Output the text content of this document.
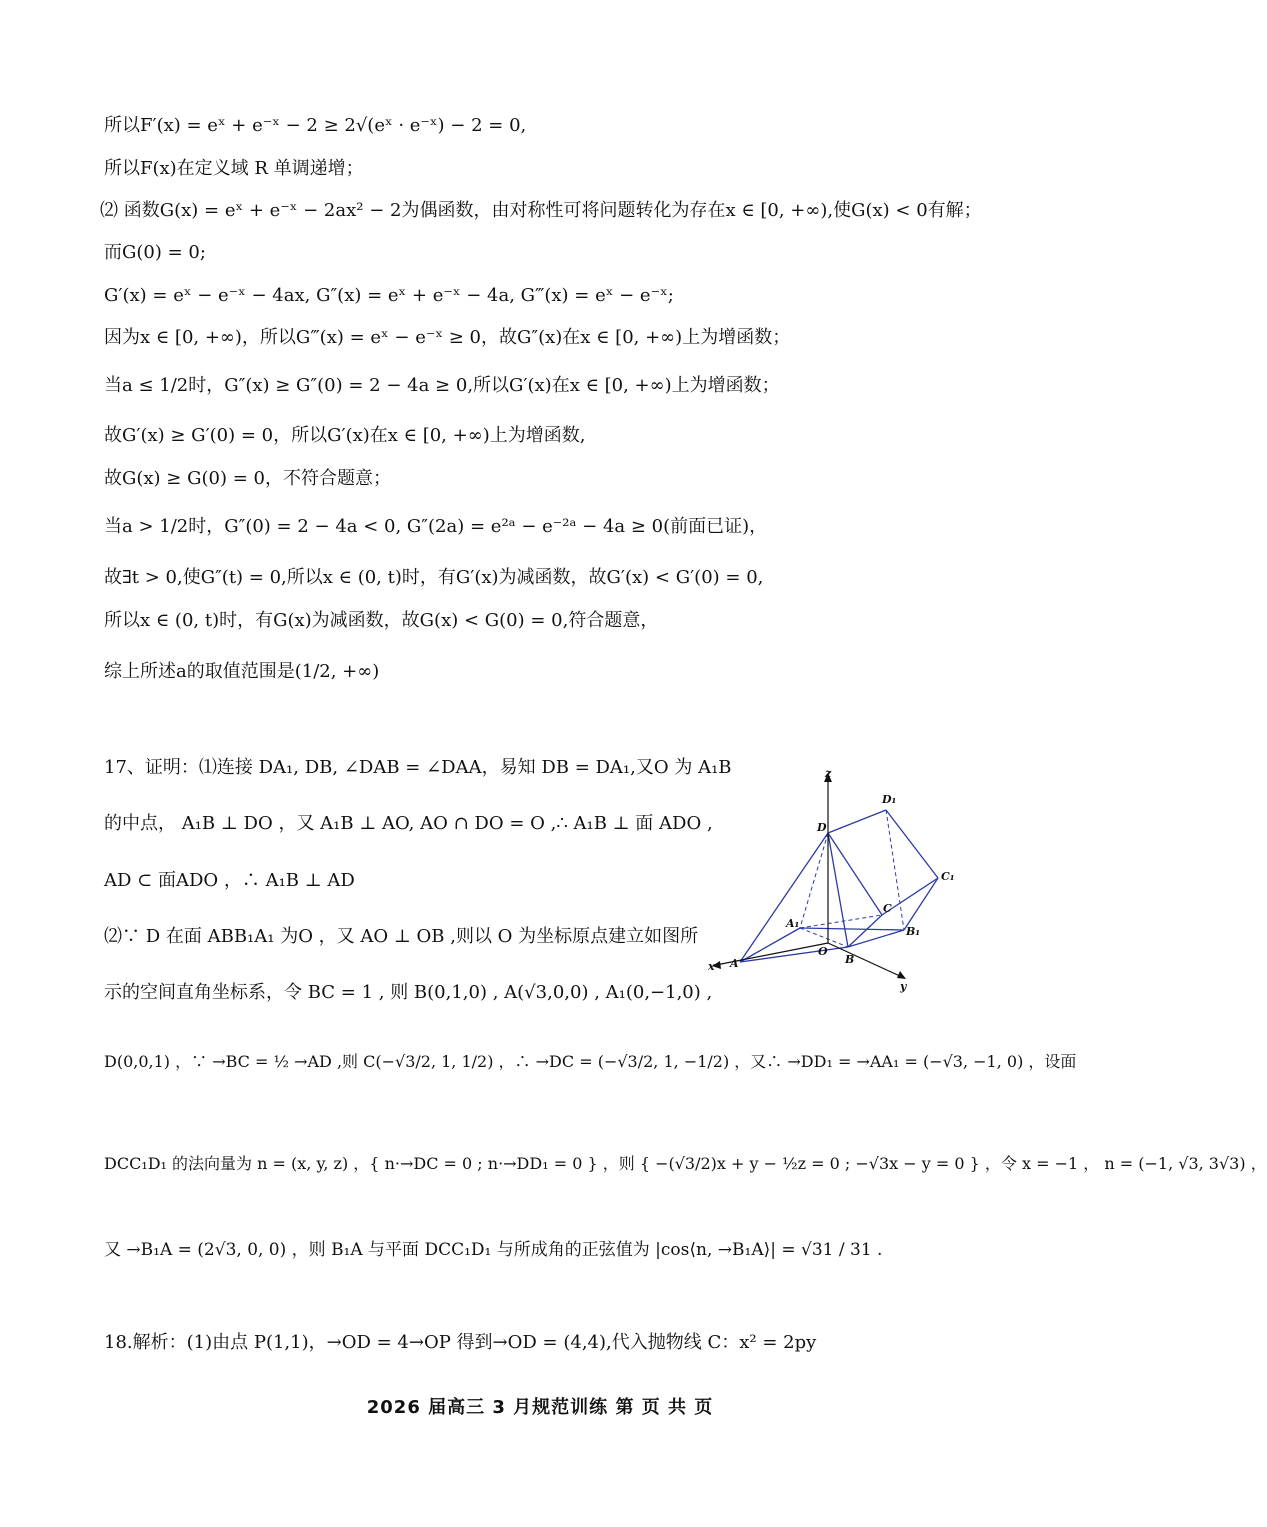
所以F′(x) = eˣ + e⁻ˣ − 2 ≥ 2√(eˣ · e⁻ˣ) − 2 = 0,
所以F(x)在定义域 R 单调递增；
⑵ 函数G(x) = eˣ + e⁻ˣ − 2ax² − 2为偶函数，由对称性可将问题转化为存在x ∈ [0, +∞),使G(x) < 0有解；
而G(0) = 0;
G′(x) = eˣ − e⁻ˣ − 4ax, G″(x) = eˣ + e⁻ˣ − 4a, G‴(x) = eˣ − e⁻ˣ;
因为x ∈ [0, +∞)，所以G‴(x) = eˣ − e⁻ˣ ≥ 0，故G″(x)在x ∈ [0, +∞)上为增函数；
当a ≤ 1/2时，G″(x) ≥ G″(0) = 2 − 4a ≥ 0,所以G′(x)在x ∈ [0, +∞)上为增函数；
故G′(x) ≥ G′(0) = 0，所以G′(x)在x ∈ [0, +∞)上为增函数,
故G(x) ≥ G(0) = 0，不符合题意；
当a > 1/2时，G″(0) = 2 − 4a < 0, G″(2a) = e²ᵃ − e⁻²ᵃ − 4a ≥ 0(前面已证)，
故∃t > 0,使G″(t) = 0,所以x ∈ (0, t)时，有G′(x)为减函数，故G′(x) < G′(0) = 0,
所以x ∈ (0, t)时，有G(x)为减函数，故G(x) < G(0) = 0,符合题意，
综上所述a的取值范围是(1/2, +∞)
17、证明：⑴连接 DA₁, DB, ∠DAB = ∠DAA，易知 DB = DA₁,又O 为 A₁B
的中点， A₁B ⊥ DO ，又 A₁B ⊥ AO, AO ∩ DO = O ,∴ A₁B ⊥ 面 ADO ,
AD ⊂ 面ADO ，∴ A₁B ⊥ AD
⑵∵ D 在面 ABB₁A₁ 为O ，又 AO ⊥ OB ,则以 O 为坐标原点建立如图所
示的空间直角坐标系，令 BC = 1 , 则 B(0,1,0) , A(√3,0,0) , A₁(0,−1,0) ,
D(0,0,1) ，∵ →BC = ½ →AD ,则 C(−√3/2, 1, 1/2) ，∴ →DC = (−√3/2, 1, −1/2) ，又∴ →DD₁ = →AA₁ = (−√3, −1, 0) ，设面
DCC₁D₁ 的法向量为 n = (x, y, z) ，{ n·→DC = 0 ; n·→DD₁ = 0 } ，则 { −(√3/2)x + y − ½z = 0 ; −√3x − y = 0 } ，令 x = −1 ， n = (−1, √3, 3√3) ，
又 →B₁A = (2√3, 0, 0) ，则 B₁A 与平面 DCC₁D₁ 与所成角的正弦值为 |cos⟨n, →B₁A⟩| = √31 / 31 .
18.解析：(1)由点 P(1,1)，→OD = 4→OP 得到→OD = (4,4),代入抛物线 C：x² = 2py
z
D₁
D
C₁
C
A₁
B₁
O
B
x A
y
2026 届高三 3 月规范训练 第 页 共 页
